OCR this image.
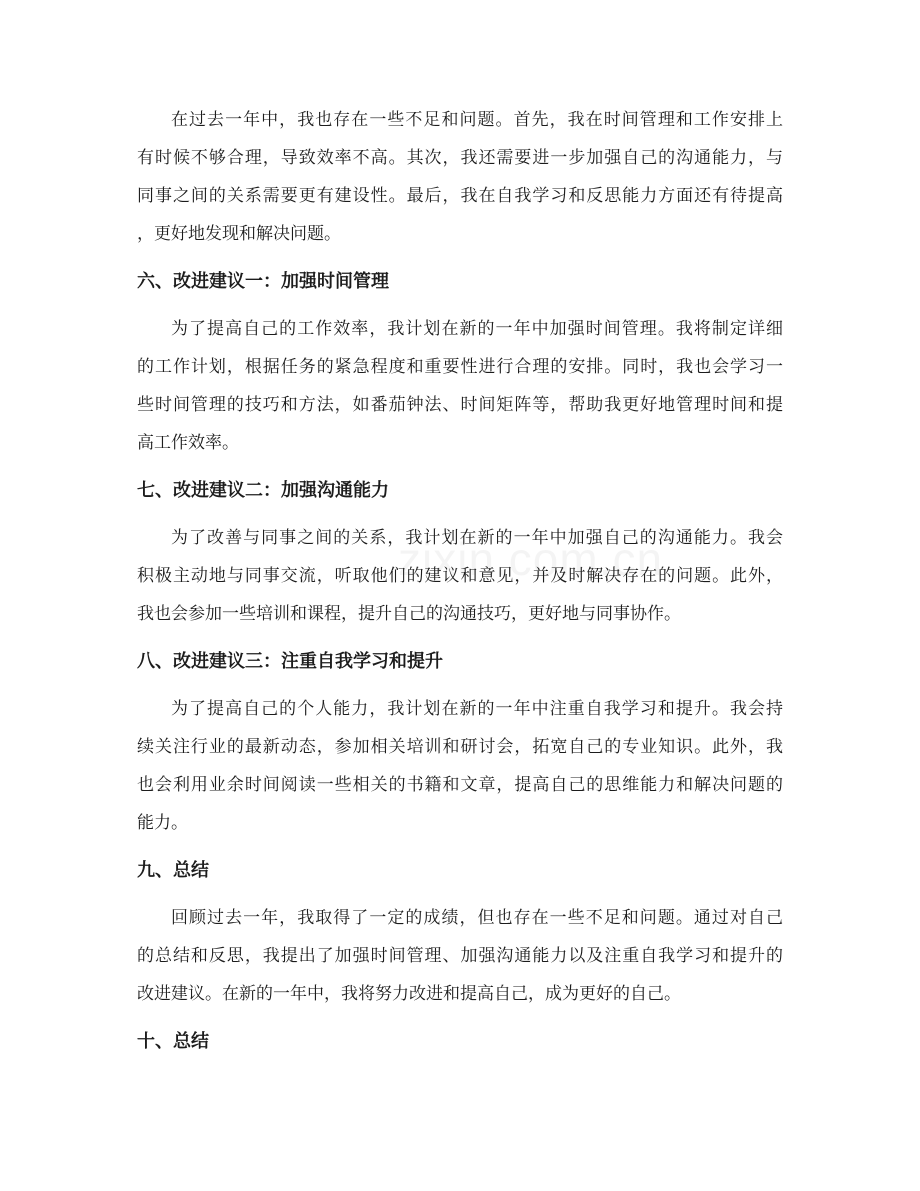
在过去一年中，我也存在一些不足和问题。首先，我在时间管理和工作安排上
有时候不够合理，导致效率不高。其次，我还需要进一步加强自己的沟通能力，与
同事之间的关系需要更有建设性。最后，我在自我学习和反思能力方面还有待提高
，更好地发现和解决问题。

六、改进建议一：加强时间管理

为了提高自己的工作效率，我计划在新的一年中加强时间管理。我将制定详细
的工作计划，根据任务的紧急程度和重要性进行合理的安排。同时，我也会学习一
些时间管理的技巧和方法，如番茄钟法、时间矩阵等，帮助我更好地管理时间和提
高工作效率。

七、改进建议二：加强沟通能力

为了改善与同事之间的关系，我计划在新的一年中加强自己的沟通能力。我会
积极主动地与同事交流，听取他们的建议和意见，并及时解决存在的问题。此外，
我也会参加一些培训和课程，提升自己的沟通技巧，更好地与同事协作。

八、改进建议三：注重自我学习和提升

为了提高自己的个人能力，我计划在新的一年中注重自我学习和提升。我会持
续关注行业的最新动态，参加相关培训和研讨会，拓宽自己的专业知识。此外，我
也会利用业余时间阅读一些相关的书籍和文章，提高自己的思维能力和解决问题的
能力。

九、总结

回顾过去一年，我取得了一定的成绩，但也存在一些不足和问题。通过对自己
的总结和反思，我提出了加强时间管理、加强沟通能力以及注重自我学习和提升的
改进建议。在新的一年中，我将努力改进和提高自己，成为更好的自己。

十、总结
